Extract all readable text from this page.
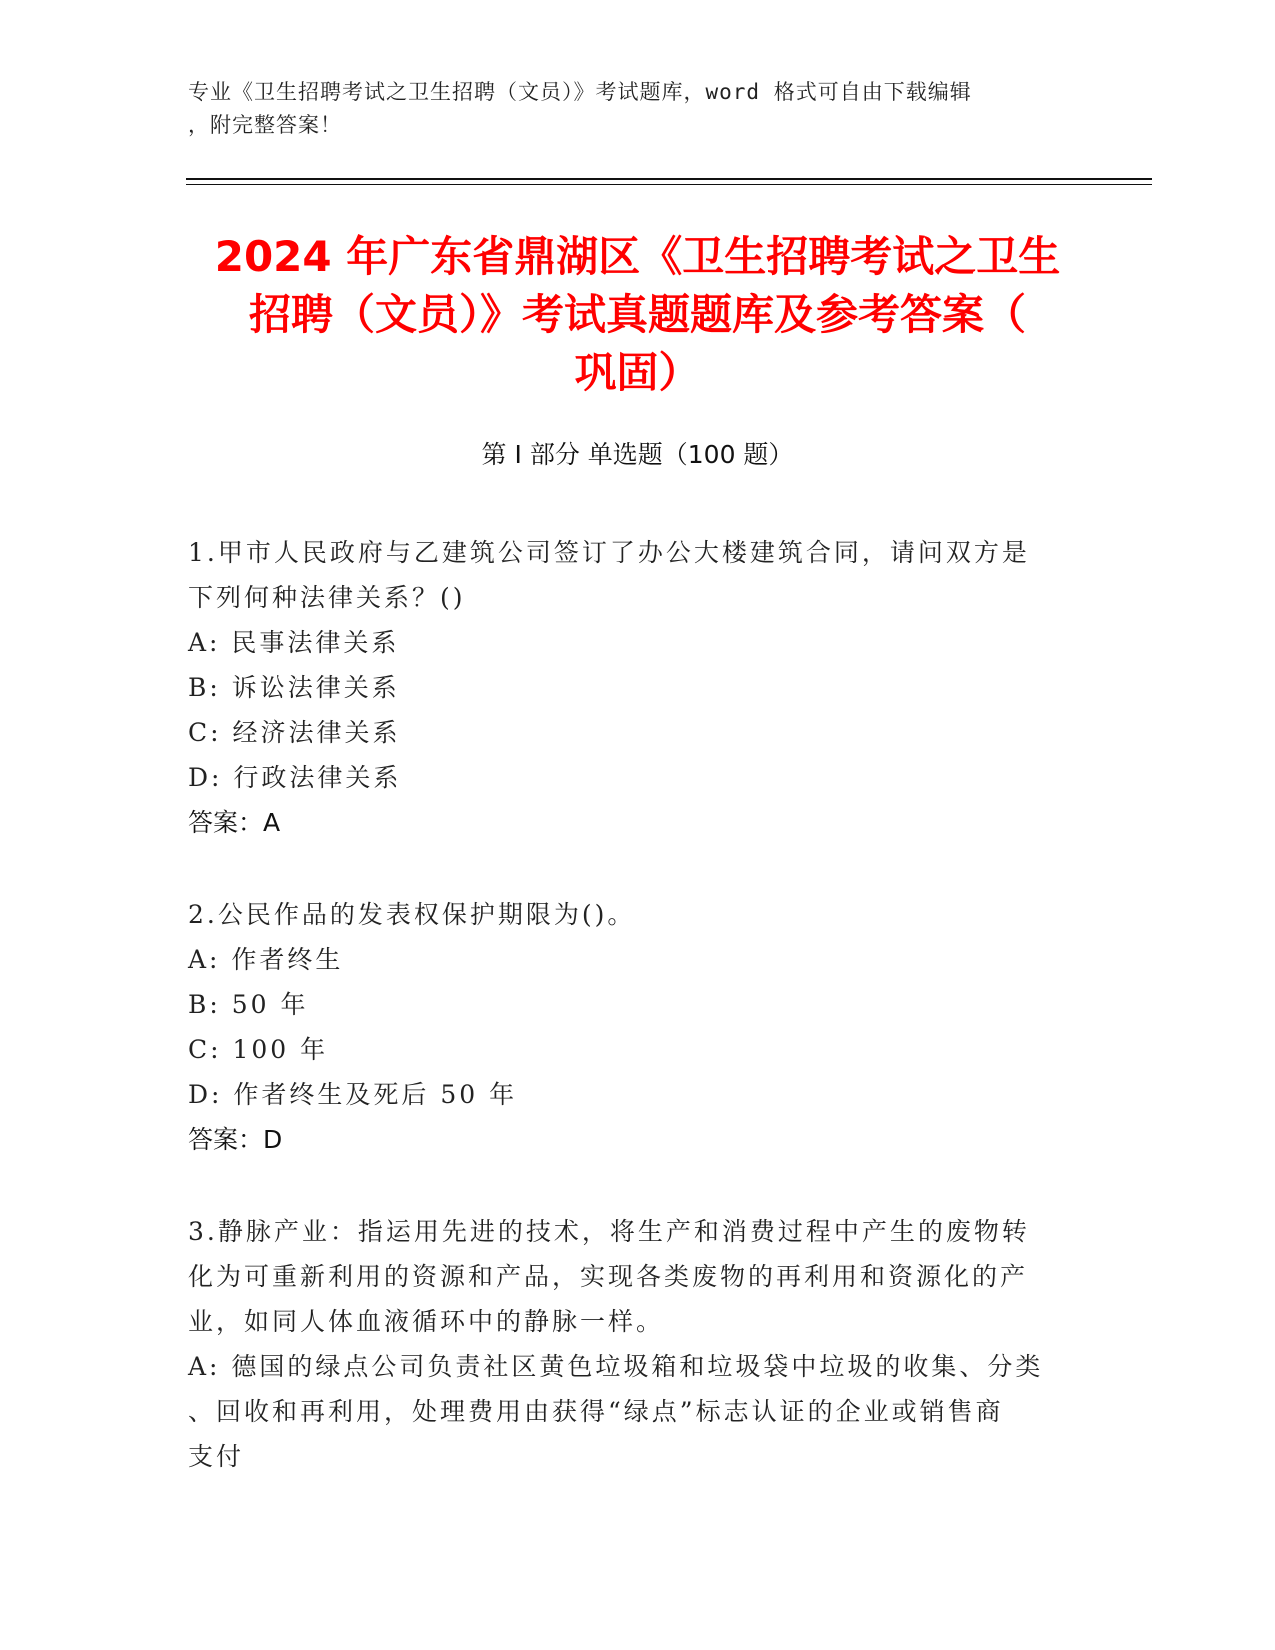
专业《卫生招聘考试之卫生招聘（文员）》考试题库，word 格式可自由下载编辑
，附完整答案！
2024 年广东省鼎湖区《卫生招聘考试之卫生
招聘（文员）》考试真题题库及参考答案（
巩固）
第 I 部分 单选题（100 题）
1.甲市人民政府与乙建筑公司签订了办公大楼建筑合同，请问双方是
下列何种法律关系？()
A: 民事法律关系
B: 诉讼法律关系
C: 经济法律关系
D: 行政法律关系
答案：A
2.公民作品的发表权保护期限为()。
A: 作者终生
B: 50 年
C: 100 年
D: 作者终生及死后 50 年
答案：D
3.静脉产业：指运用先进的技术，将生产和消费过程中产生的废物转
化为可重新利用的资源和产品，实现各类废物的再利用和资源化的产
业，如同人体血液循环中的静脉一样。
A: 德国的绿点公司负责社区黄色垃圾箱和垃圾袋中垃圾的收集、分类
、回收和再利用，处理费用由获得“绿点”标志认证的企业或销售商
支付
